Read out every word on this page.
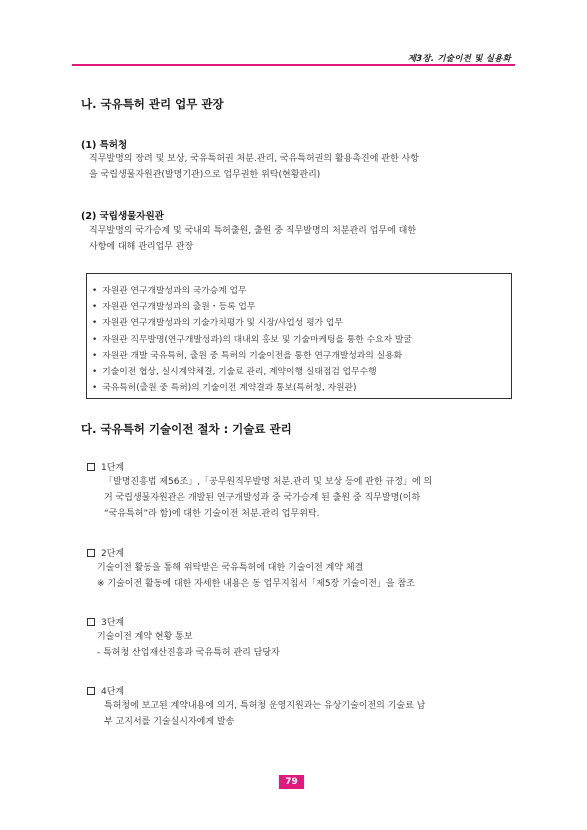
제3장. 기술이전 및 실용화
나. 국유특허 관리 업무 관장
(1) 특허청
직무발명의 장려 및 보상, 국유특허권 처분.관리, 국유특허권의 활용촉진에 관한 사항
을 국립생물자원관(발명기관)으로 업무권한 위탁(현황관리)
(2) 국립생물자원관
직무발명의 국가승계 및 국내외 특허출원, 출원 중 직무발명의 처분관리 업무에 대한
사항에 대해 관리업무 관장
• 자원관 연구개발성과의 국가승계 업무
• 자원관 연구개발성과의 출원・등록 업무
• 자원관 연구개발성과의 기술가치평가 및 시장/사업성 평가 업무
• 자원관 직무발명(연구개발성과)의 대내외 홍보 및 기술마케팅을 통한 수요자 발굴
• 자원관 개발 국유특허, 출원 중 특허의 기술이전을 통한 연구개발성과의 실용화
• 기술이전 협상, 실시계약체결, 기술료 관리, 계약이행 실태점검 업무수행
• 국유특허(출원 중 특허)의 기술이전 계약결과 통보(특허청, 자원관)
다. 국유특허 기술이전 절차 : 기술료 관리
1단계
「발명진흥법 제56조」,「공무원직무발명 처분.관리 및 보상 등에 관한 규정」에 의
거 국립생물자원관은 개발된 연구개발성과 중 국가승계 된 출원 중 직무발명(이하
“국유특허”라 함)에 대한 기술이전 처분.관리 업무위탁.
2단계
기술이전 활동을 통해 위탁받은 국유특허에 대한 기술이전 계약 체결
※ 기술이전 활동에 대한 자세한 내용은 동 업무지침서「제5장 기술이전」을 참조
3단계
기술이전 계약 현황 통보
- 특허청 산업재산진흥과 국유특허 관리 담당자
4단계
특허청에 보고된 계약내용에 의거, 특허청 운영지원과는 유상기술이전의 기술료 납
부 고지서를 기술실시자에게 발송
79
